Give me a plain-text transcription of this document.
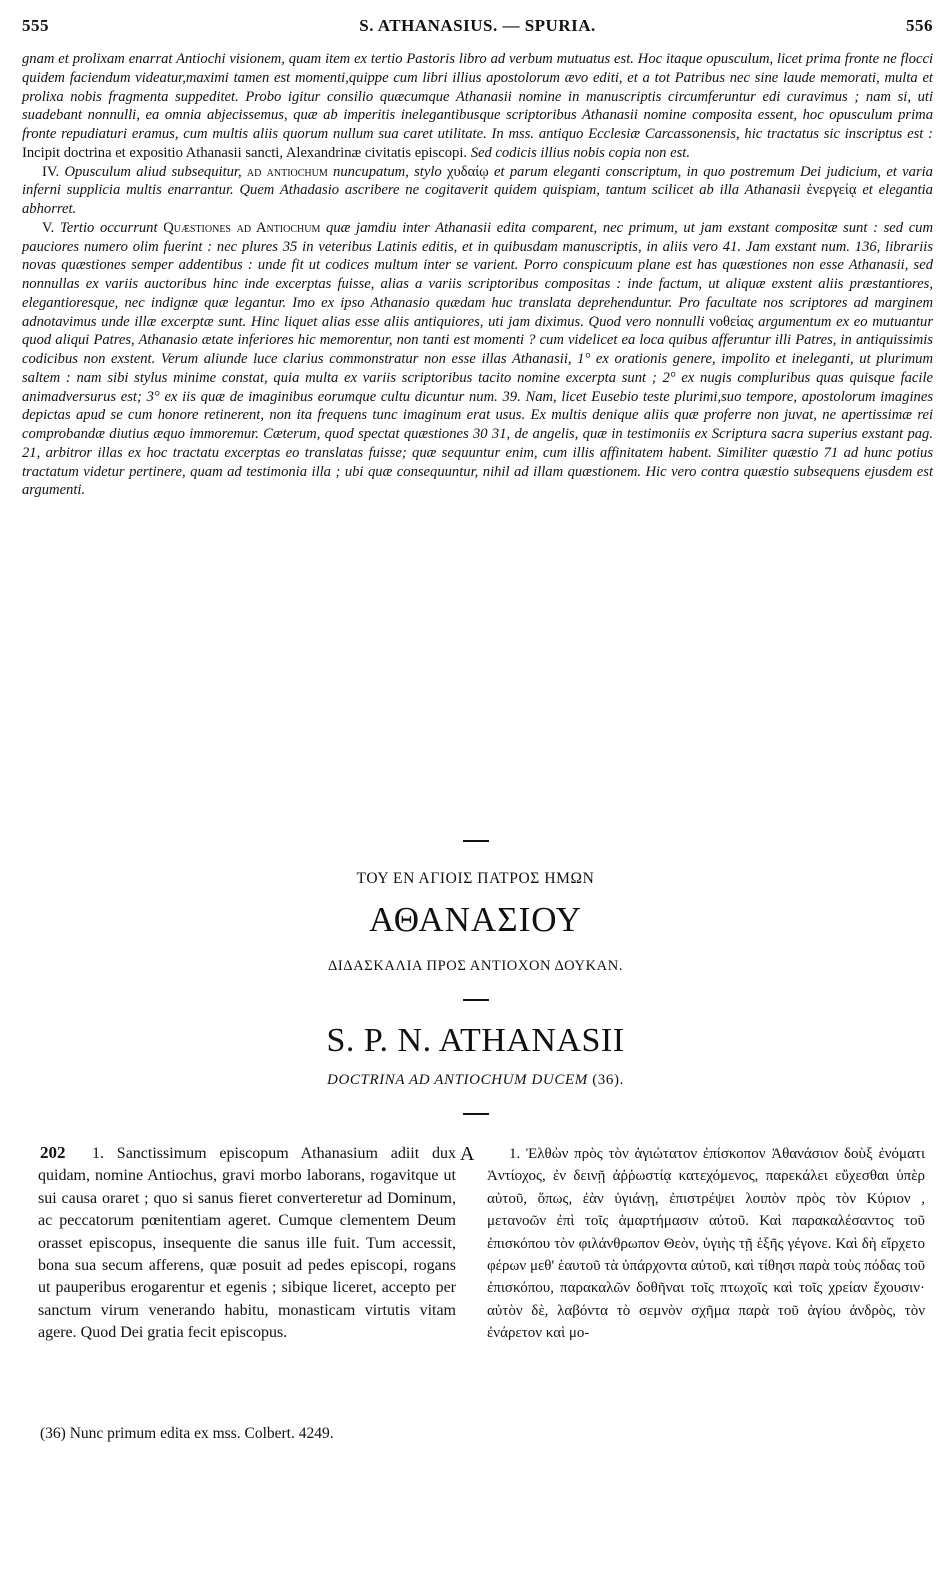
555	S. ATHANASIUS. — SPURIA.	556

gnam et prolixam enarrat Antiochi visionem, quam item ex tertio Pastoris libro ad verbum mutuatus est. Hoc itaque opusculum, licet prima fronte ne flocci quidem faciendum videatur,maximi tamen est momenti,quippe cum libri illius apostolorum ævo editi, et a tot Patribus nec sine laude memorati, multa et prolixa nobis fragmenta suppeditet. Probo igitur consilio quæcumque Athanasii nomine in manuscriptis circumferuntur edi curavimus ; nam si, uti suadebant nonnulli, ea omnia abjecissemus, quæ ab imperitis inelegantibusque scriptoribus Athanasii nomine composita essent, hoc opusculum prima fronte repudiaturi eramus, cum multis aliis quorum nullum sua caret utilitate. In mss. antiquo Ecclesiæ Carcassonensis, hic tractatus sic inscriptus est : Incipit doctrina et expositio Athanasii sancti, Alexandrinæ civitatis episcopi. Sed codicis illius nobis copia non est.

IV. Opusculum aliud subsequitur, ad antiochum nuncupatum, stylo χυδαίῳ et parum eleganti conscriptum, in quo postremum Dei judicium, et varia inferni supplicia multis enarrantur. Quem Athadasio ascribere ne cogitaverit quidem quispiam, tantum scilicet ab illa Athanasii ἐνεργείᾳ et elegantia abhorret.

V. Tertio occurrunt Quæstiones ad Antiochum quæ jamdiu inter Athanasii edita comparent, nec primum, ut jam exstant compositæ sunt : sed cum pauciores numero olim fuerint : nec plures 35 in veteribus Latinis editis, et in quibusdam manuscriptis, in aliis vero 41. Jam exstant num. 136, librariis novas quæstiones semper addentibus : unde fit ut codices multum inter se varient. Porro conspicuum plane est has quæstiones non esse Athanasii, sed nonnullas ex variis auctoribus hinc inde excerptas fuisse, alias a variis scriptoribus compositas : inde factum, ut aliquæ exstent aliis præstantiores, elegantioresque, nec indignæ quæ legantur. Imo ex ipso Athanasio quædam huc translata deprehenduntur. Pro facultate nos scriptores ad marginem adnotavimus unde illæ excerptæ sunt. Hinc liquet alias esse aliis antiquiores, uti jam diximus. Quod vero nonnulli νοθείας argumentum ex eo mutuantur quod aliqui Patres, Athanasio ætate inferiores hic memorentur, non tanti est momenti ? cum videlicet ea loca quibus afferuntur illi Patres, in antiquissimis codicibus non exstent. Verum aliunde luce clarius commonstratur non esse illas Athanasii, 1° ex orationis genere, impolito et ineleganti, ut plurimum saltem : nam sibi stylus minime constat, quia multa ex variis scriptoribus tacito nomine excerpta sunt ; 2° ex nugis compluribus quas quisque facile animadversurus est; 3° ex iis quæ de imaginibus eorumque cultu dicuntur num. 39. Nam, licet Eusebio teste plurimi,suo tempore, apostolorum imagines depictas apud se cum honore retinerent, non ita frequens tunc imaginum erat usus. Ex multis denique aliis quæ proferre non juvat, ne apertissimæ rei comprobandæ diutius æquo immoremur. Cæterum, quod spectat quæstiones 30 31, de angelis, quæ in testimoniis ex Scriptura sacra superius exstant pag. 21, arbitror illas ex hoc tractatu excerptas eo translatas fuisse; quæ sequuntur enim, cum illis affinitatem habent. Similiter quæstio 71 ad hunc potius tractatum videtur pertinere, quam ad testimonia illa ; ubi quæ consequuntur, nihil ad illam quæstionem. Hic vero contra quæstio subsequens ejusdem est argumenti.

ΤΟΥ ΕΝ ΑΓΙΟΙΣ ΠΑΤΡΟΣ ΗΜΩΝ
ΑΘΑΝΑΣΙΟΥ
ΔΙΔΑΣΚΑΛΙΑ ΠΡΟΣ ΑΝΤΙΟΧΟΝ ΔΟΥΚΑΝ.
S. P. N. ATHANASII
DOCTRINA AD ANTIOCHUM DUCEM (36).
202	A

1. Sanctissimum episcopum Athanasium adiit dux quidam, nomine Antiochus, gravi morbo laborans, rogavitque ut sui causa oraret ; quo si sanus fieret converteretur ad Dominum, ac peccatorum pœnitentiam ageret. Cumque clementem Deum orasset episcopus, insequente die sanus ille fuit. Tum accessit, bona sua secum afferens, quæ posuit ad pedes episcopi, rogans ut pauperibus erogarentur et egenis ; sibique liceret, accepto per sanctum virum venerando habitu, monasticam virtutis vitam agere. Quod Dei gratia fecit episcopus.

1. Ἐλθὼν πρὸς τὸν ἁγιώτατον ἐπίσκοπον Ἀθανάσιον δοὺξ ἐνόματι Ἀντίοχος, ἐν δεινῇ ἀῤῥωστίᾳ κατεχόμενος, παρεκάλει εὔχεσθαι ὑπὲρ αὐτοῦ, ὅπως, ἐὰν ὑγιάνῃ, ἐπιστρέψει λοιπὸν πρὸς τὸν Κύριον , μετανοῶν ἐπὶ τοῖς ἁμαρτήμασιν αὐτοῦ. Καὶ παρακαλέσαντος τοῦ ἐπισκόπου τὸν φιλάνθρωπον Θεὸν, ὑγιὴς τῇ ἑξῆς γέγονε. Καὶ δὴ εἴρχετο φέρων μεθ' ἑαυτοῦ τὰ ὑπάρχοντα αὐτοῦ, καὶ τίθησι παρὰ τοὺς πόδας τοῦ ἐπισκόπου, παρακαλῶν δοθῆναι τοῖς πτωχοῖς καὶ τοῖς χρείαν ἔχουσιν· αὐτὸν δὲ, λαβόντα τὸ σεμνὸν σχῆμα παρὰ τοῦ ἁγίου ἀνδρὸς, τὸν ἐνάρετον καὶ μο-

(36) Nunc primum edita ex mss. Colbert. 4249.
